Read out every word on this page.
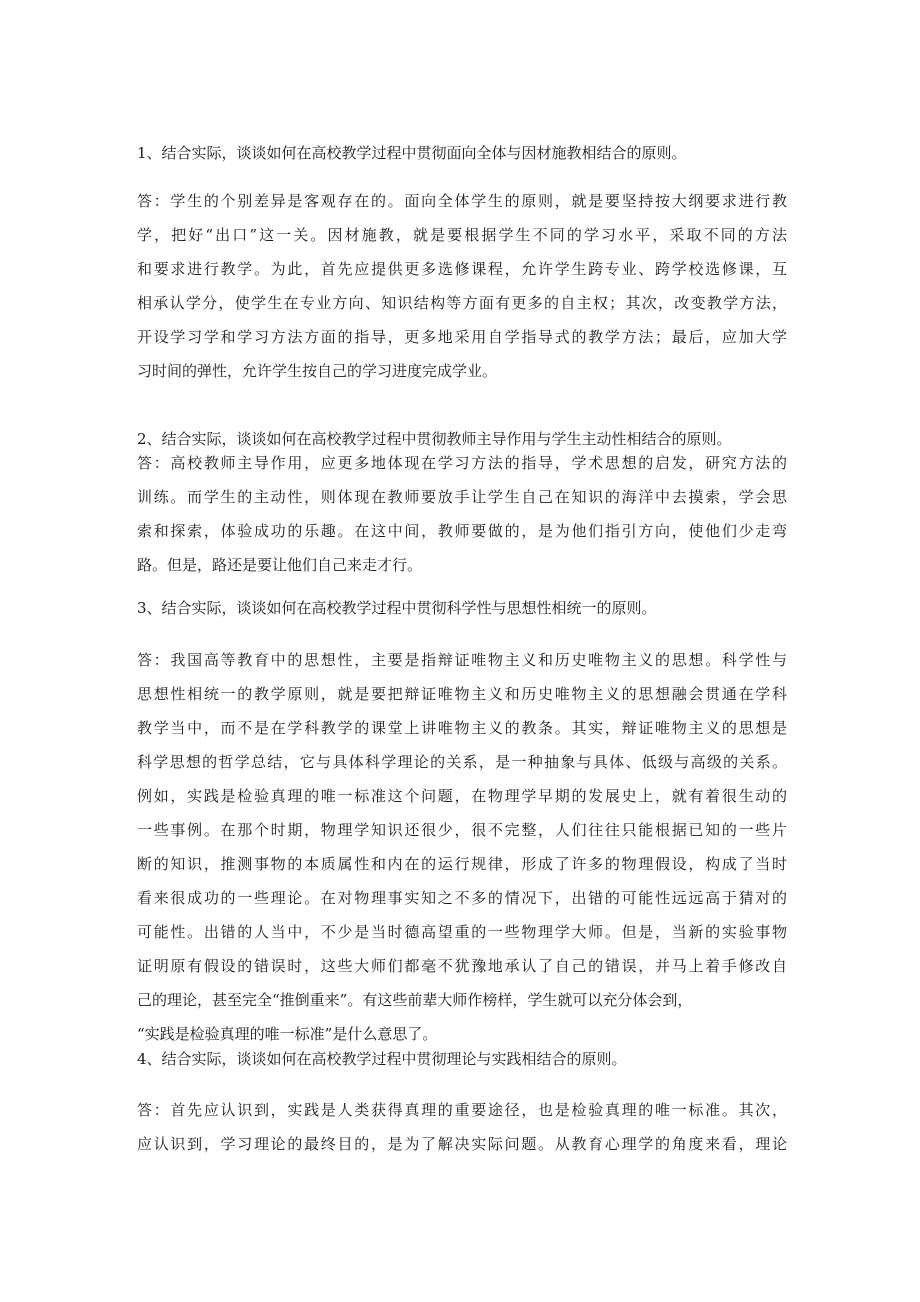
1、结合实际，谈谈如何在高校教学过程中贯彻面向全体与因材施教相结合的原则。

答：学生的个别差异是客观存在的。面向全体学生的原则，就是要坚持按大纲要求进行教
学，把好“出口”这一关。因材施教，就是要根据学生不同的学习水平，采取不同的方法
和要求进行教学。为此，首先应提供更多选修课程，允许学生跨专业、跨学校选修课，互
相承认学分，使学生在专业方向、知识结构等方面有更多的自主权；其次，改变教学方法，
开设学习学和学习方法方面的指导，更多地采用自学指导式的教学方法；最后，应加大学
习时间的弹性，允许学生按自己的学习进度完成学业。

2、结合实际，谈谈如何在高校教学过程中贯彻教师主导作用与学生主动性相结合的原则。

答：高校教师主导作用，应更多地体现在学习方法的指导，学术思想的启发，研究方法的
训练。而学生的主动性，则体现在教师要放手让学生自己在知识的海洋中去摸索，学会思
索和探索，体验成功的乐趣。在这中间，教师要做的，是为他们指引方向，使他们少走弯
路。但是，路还是要让他们自己来走才行。

3、结合实际，谈谈如何在高校教学过程中贯彻科学性与思想性相统一的原则。

答：我国高等教育中的思想性，主要是指辩证唯物主义和历史唯物主义的思想。科学性与
思想性相统一的教学原则，就是要把辩证唯物主义和历史唯物主义的思想融会贯通在学科
教学当中，而不是在学科教学的课堂上讲唯物主义的教条。其实，辩证唯物主义的思想是
科学思想的哲学总结，它与具体科学理论的关系，是一种抽象与具体、低级与高级的关系。
例如，实践是检验真理的唯一标准这个问题，在物理学早期的发展史上，就有着很生动的
一些事例。在那个时期，物理学知识还很少，很不完整，人们往往只能根据已知的一些片
断的知识，推测事物的本质属性和内在的运行规律，形成了许多的物理假设，构成了当时
看来很成功的一些理论。在对物理事实知之不多的情况下，出错的可能性远远高于猜对的
可能性。出错的人当中，不少是当时德高望重的一些物理学大师。但是，当新的实验事物
证明原有假设的错误时，这些大师们都毫不犹豫地承认了自己的错误，并马上着手修改自
己的理论，甚至完全“推倒重来”。有这些前辈大师作榜样，学生就可以充分体会到，
“实践是检验真理的唯一标准”是什么意思了。

4、结合实际，谈谈如何在高校教学过程中贯彻理论与实践相结合的原则。

答：首先应认识到，实践是人类获得真理的重要途径，也是检验真理的唯一标准。其次，
应认识到，学习理论的最终目的，是为了解决实际问题。从教育心理学的角度来看，理论
